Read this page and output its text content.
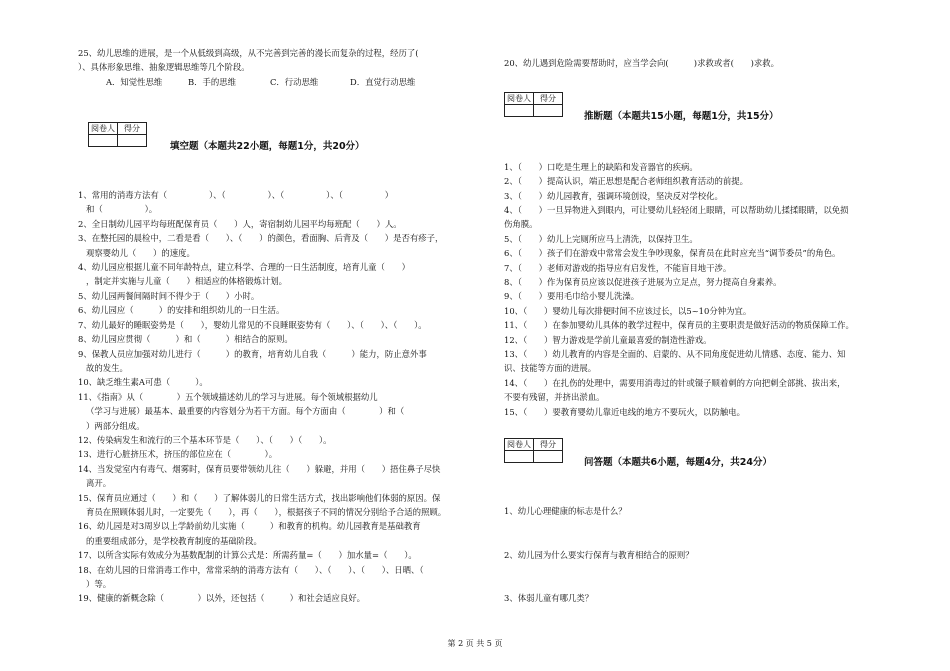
25、幼儿思维的进展，是一个从低级到高级，从不完善到完善的漫长而复杂的过程，经历了(
）、具体形象思维、抽象逻辑思维等几个阶段。
A．知觉性思维	B．手的思维	C．行动思维	D．直觉行动思维
阅卷人	得分

填空题（本题共22小题，每题1分，共20分）
1、常用的消毒方法有（　　　　　）、（　　　　　）、（　　　　　）、（　　　　　）
和（　　　　　）。
2、全日制幼儿园平均每班配保育员（　　）人，寄宿制幼儿园平均每班配（　　）人。
3、在整托园的晨检中，二看是看（　　）、（　　）的颜色，看面胸、后背及（　　）是否有疹子，
观察婴幼儿（　　）的速度。
4、幼儿园应根据儿童不同年龄特点，建立科学、合理的一日生活制度，培育儿童（　　）
，制定并实施与儿童（　　）相适应的体格锻炼计划。
5、幼儿园两餐间隔时间不得少于（　　）小时。
6、幼儿园应（　　　）的安排和组织幼儿的一日生活。
7、幼儿最好的睡眠姿势是（　　），婴幼儿常见的不良睡眠姿势有（　　）、（　　）、（　　）。
8、幼儿园应贯彻（　　　）和（　　　）相结合的原则。
9、保教人员应加强对幼儿进行（　　　）的教育，培育幼儿自我（　　　）能力，防止意外事
故的发生。
10、缺乏维生素A可患（　　　）。
11、《指南》从（　　　　）五个领域描述幼儿的学习与进展。每个领域根据幼儿
（学习与进展）最基本、最重要的内容划分为若干方面。每个方面由（　　　　）和（
）两部分组成。
12、传染病发生和流行的三个基本环节是（　　）、（　　）（　　）。
13、进行心脏挤压术，挤压的部位应在（　　　　）。
14、当发觉室内有毒气、烟雾时，保育员要带领幼儿往（　　）躲避，并用（　　）捂住鼻子尽快
离开。
15、保育员应通过（　　）和（　　）了解体弱儿的日常生活方式，找出影响他们体弱的原因。保
育员在照顾体弱儿时，一定要先（　　），再（　　），根据孩子不同的情况分别给予合适的照顾。
16、幼儿园是对3周岁以上学龄前幼儿实施（　　　）和教育的机构。幼儿园教育是基础教育
的重要组成部分，是学校教育制度的基础阶段。
17、以所含实际有效成分为基数配制的计算公式是：所需药量=（　　）加水量=（　　）。
18、在幼儿园的日常消毒工作中，常常采纳的消毒方法有（　　）、（　　）、（　　）、日晒、（
）等。
19、健康的新概念除（　　　　）以外，还包括（　　　）和社会适应良好。
20、幼儿遇到危险需要帮助时，应当学会向(　　　)求救或者(　　)求救。
阅卷人	得分

推断题（本题共15小题，每题1分，共15分）
1、（　　）口吃是生理上的缺陷和发音器官的疾病。
2、（　　）提高认识，端正思想是配合老师组织教育活动的前提。
3、（　　）幼儿园教育，强调环境创设，坚决反对学校化。
4、（　　）一旦异物进入到眼内，可让婴幼儿轻轻闭上眼睛，可以帮助幼儿揉揉眼睛，以免损
伤角膜。
5、（　　）幼儿上完厕所应马上清洗，以保持卫生。
6、（　　）孩子们在游戏中常常会发生争吵现象，保育员在此时应充当“调节委员”的角色。
7、（　　）老师对游戏的指导应有启发性，不能盲目地干涉。
8、（　　）作为保育员应该以促进孩子进展为立足点，努力提高自身素养。
9、（　　）要用毛巾给小婴儿洗澡。
10、（　　）婴幼儿每次排便时间不应该过长，以5~10分钟为宜。
11、（　　）在参加婴幼儿具体的教学过程中，保育员的主要职责是做好活动的物质保障工作。
12、（　　）智力游戏是学前儿童最喜爱的制造性游戏。
13、（　　）幼儿教育的内容是全面的、启蒙的、从不同角度促进幼儿情感、态度、能力、知
识、技能等方面的进展。
14、（　　）在扎伤的处理中，需要用消毒过的针或镊子顺着刺的方向把刺全部挑、拔出来，
不要有残留，并挤出淤血。
15、（　　）要教育婴幼儿靠近电线的地方不要玩火，以防触电。
阅卷人	得分

问答题（本题共6小题，每题4分，共24分）
1、幼儿心理健康的标志是什么？
2、幼儿园为什么要实行保育与教育相结合的原则？
3、体弱儿童有哪几类？
第 2 页 共 5 页
